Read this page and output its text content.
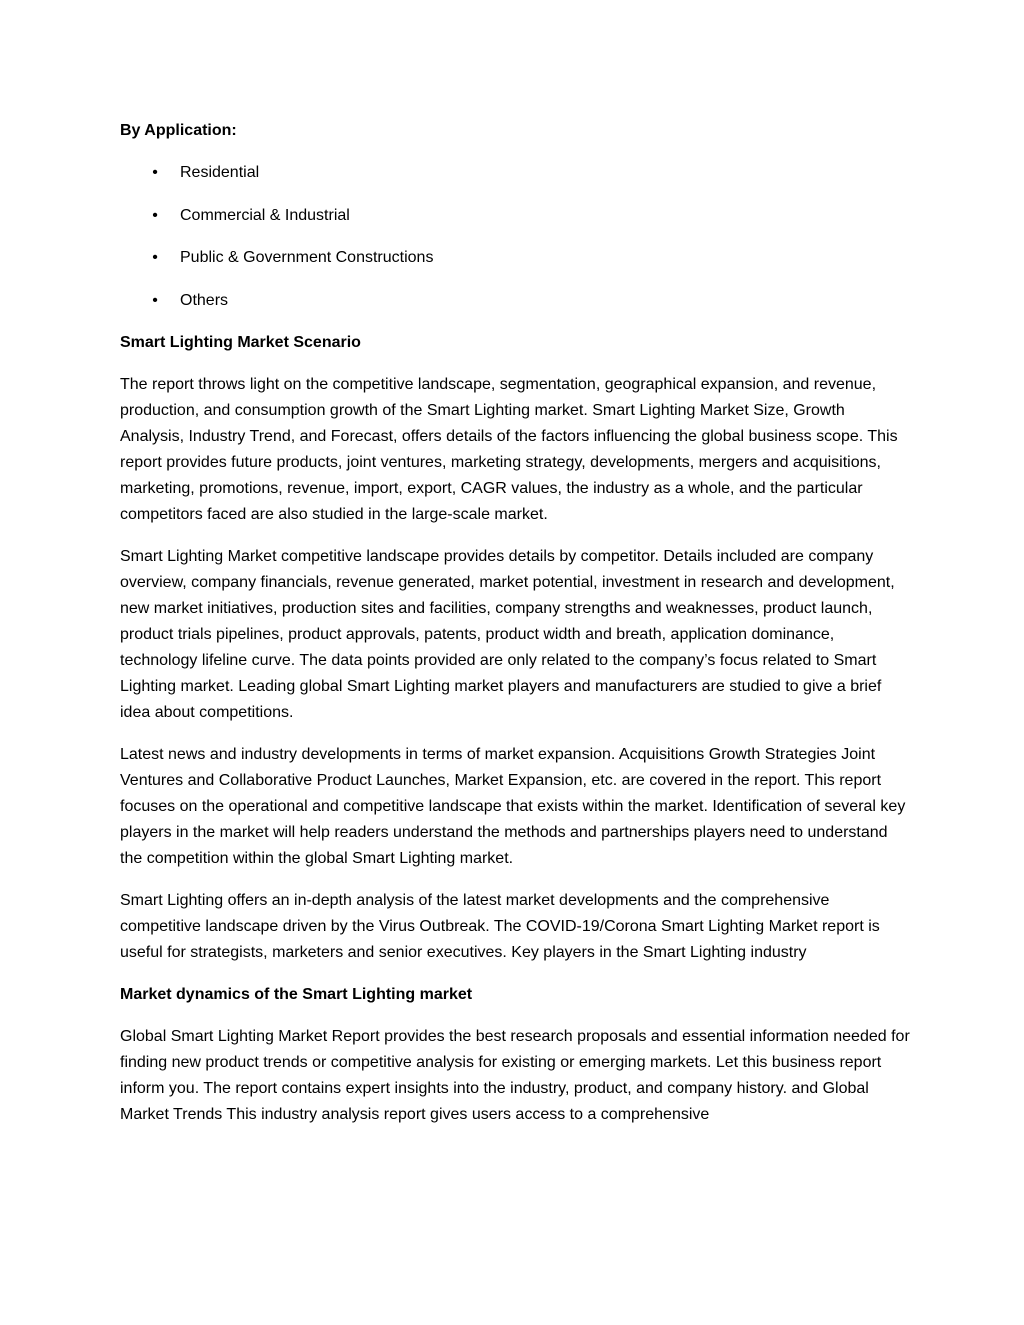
By Application:
• Residential
• Commercial & Industrial
• Public & Government Constructions
• Others
Smart Lighting Market Scenario

The report throws light on the competitive landscape, segmentation, geographical expansion, and revenue, production, and consumption growth of the Smart Lighting market. Smart Lighting Market Size, Growth Analysis, Industry Trend, and Forecast, offers details of the factors influencing the global business scope. This report provides future products, joint ventures, marketing strategy, developments, mergers and acquisitions, marketing, promotions, revenue, import, export, CAGR values, the industry as a whole, and the particular competitors faced are also studied in the large-scale market.

Smart Lighting Market competitive landscape provides details by competitor. Details included are company overview, company financials, revenue generated, market potential, investment in research and development, new market initiatives, production sites and facilities, company strengths and weaknesses, product launch, product trials pipelines, product approvals, patents, product width and breath, application dominance, technology lifeline curve. The data points provided are only related to the company’s focus related to Smart Lighting market. Leading global Smart Lighting market players and manufacturers are studied to give a brief idea about competitions.

Latest news and industry developments in terms of market expansion. Acquisitions Growth Strategies Joint Ventures and Collaborative Product Launches, Market Expansion, etc. are covered in the report. This report focuses on the operational and competitive landscape that exists within the market. Identification of several key players in the market will help readers understand the methods and partnerships players need to understand the competition within the global Smart Lighting market.

Smart Lighting offers an in-depth analysis of the latest market developments and the comprehensive competitive landscape driven by the Virus Outbreak. The COVID-19/Corona Smart Lighting Market report is useful for strategists, marketers and senior executives. Key players in the Smart Lighting industry

Market dynamics of the Smart Lighting market

Global Smart Lighting Market Report provides the best research proposals and essential information needed for finding new product trends or competitive analysis for existing or emerging markets. Let this business report inform you. The report contains expert insights into the industry, product, and company history. and Global Market Trends This industry analysis report gives users access to a comprehensive
